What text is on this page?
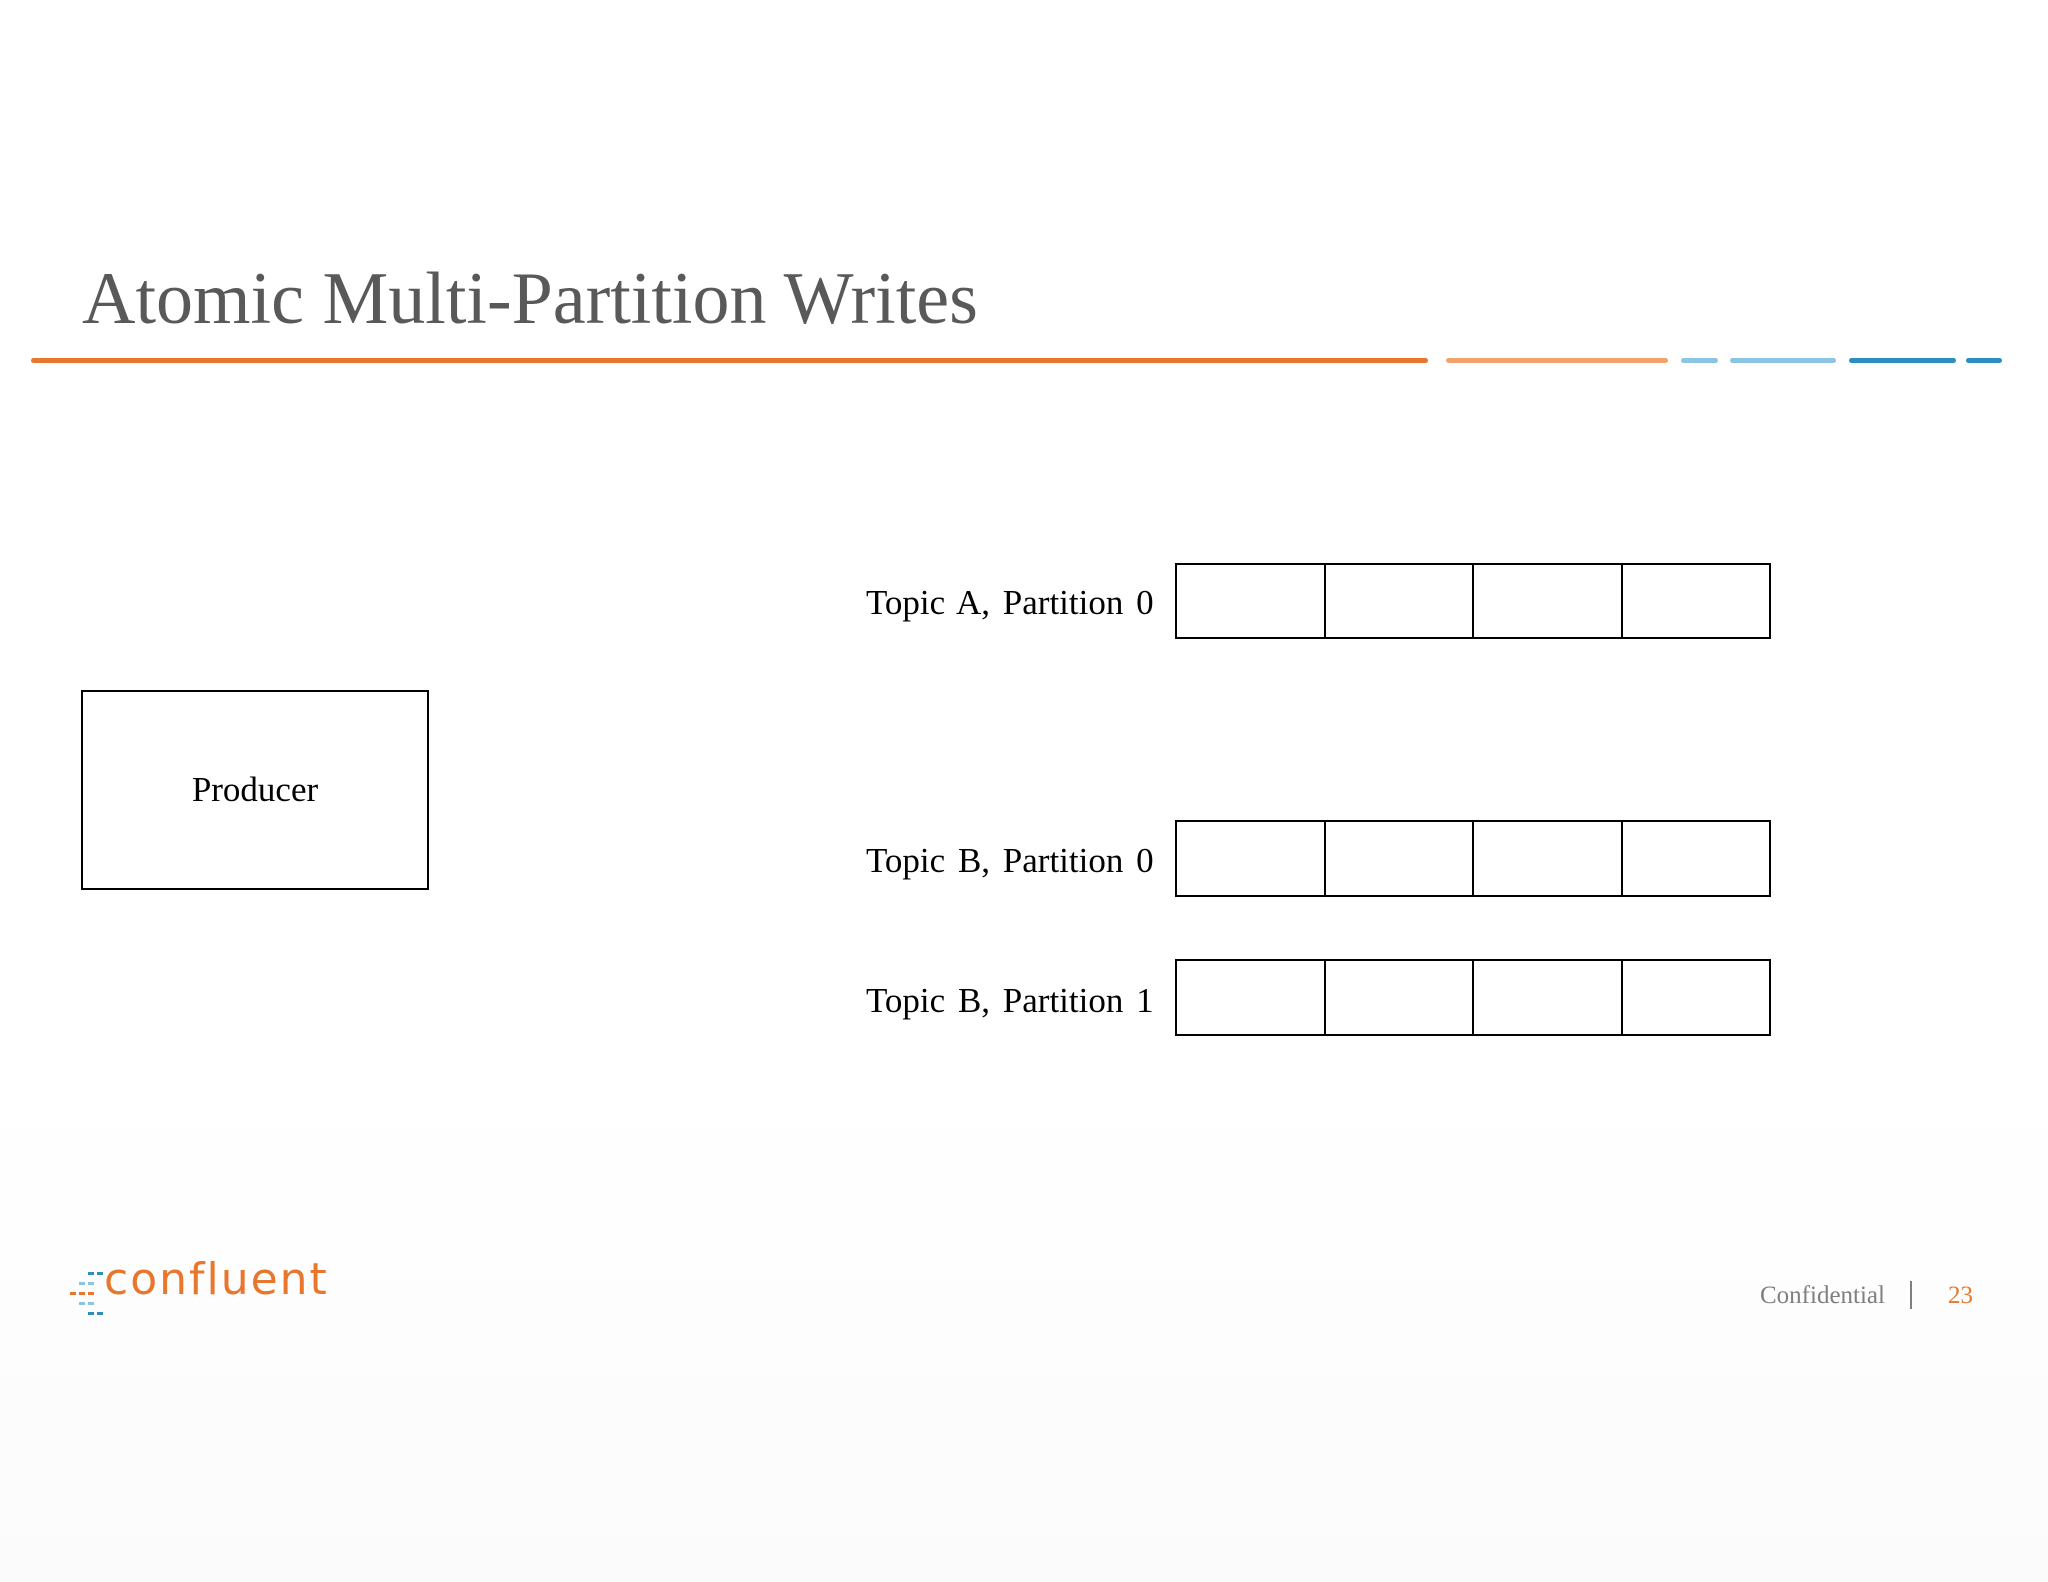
Atomic Multi-Partition Writes
Producer
Topic A, Partition 0
Topic B, Partition 0
Topic B, Partition 1
confluent	Confidential	23
